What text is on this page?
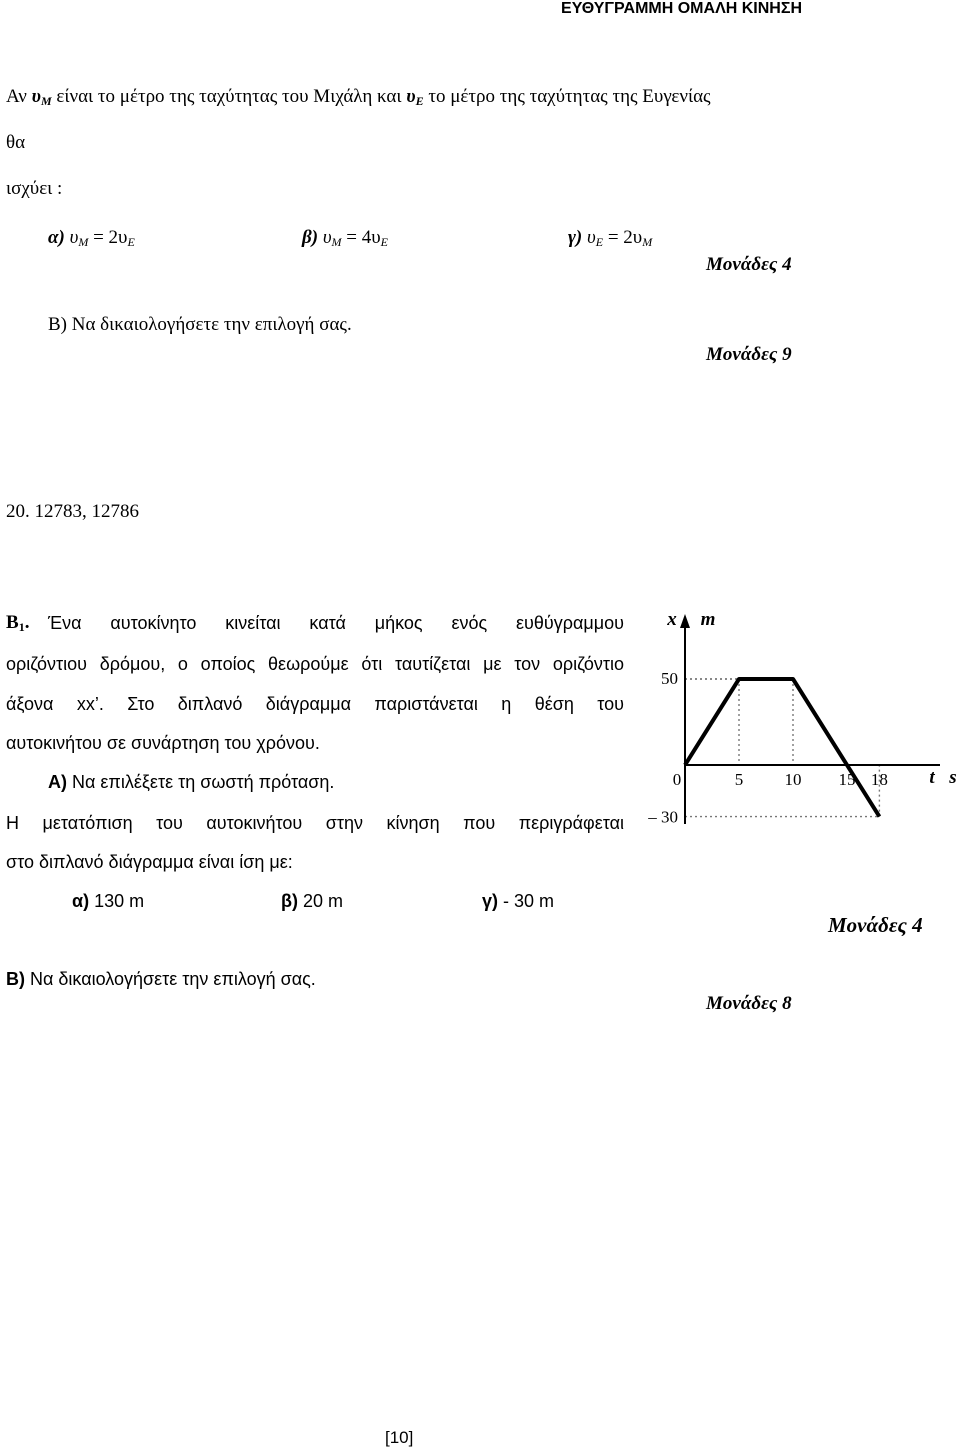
ΕΥΘΥΓΡΑΜΜΗ ΟΜΑΛΗ ΚΙΝΗΣΗ
Αν $\upsilon_M$ είναι το μέτρο της ταχύτητας του Μιχάλη και $\upsilon_E$ το μέτρο της ταχύτητας της Ευγενίας
θα
ισχύει :
α) $\upsilon_M = 2\upsilon_E$	β) $\upsilon_M = 4\upsilon_E$	γ) $\upsilon_E = 2\upsilon_M$
Μονάδες 4
Β) Να δικαιολογήσετε την επιλογή σας.
Μονάδες 9
20. 12783, 12786
$B_1$. Ένα αυτοκίνητο κινείται κατά μήκος ενός ευθύγραμμου
οριζόντιου δρόμου, ο οποίος θεωρούμε ότι ταυτίζεται με τον οριζόντιο
άξονα xx’. Στο διπλανό διάγραμμα παριστάνεται η θέση του
αυτοκινήτου σε συνάρτηση του χρόνου.
Α) Να επιλέξετε τη σωστή πρόταση.
Η μετατόπιση του αυτοκινήτου στην κίνηση που περιγράφεται
στο διπλανό διάγραμμα είναι ίση με:
α) 130 m	β) 20 m	γ) - 30 m
Μονάδες 4
Β) Να δικαιολογήσετε την επιλογή σας.
Μονάδες 8
0	5 10 15 18
50
– 30
x m
t s
[10]
